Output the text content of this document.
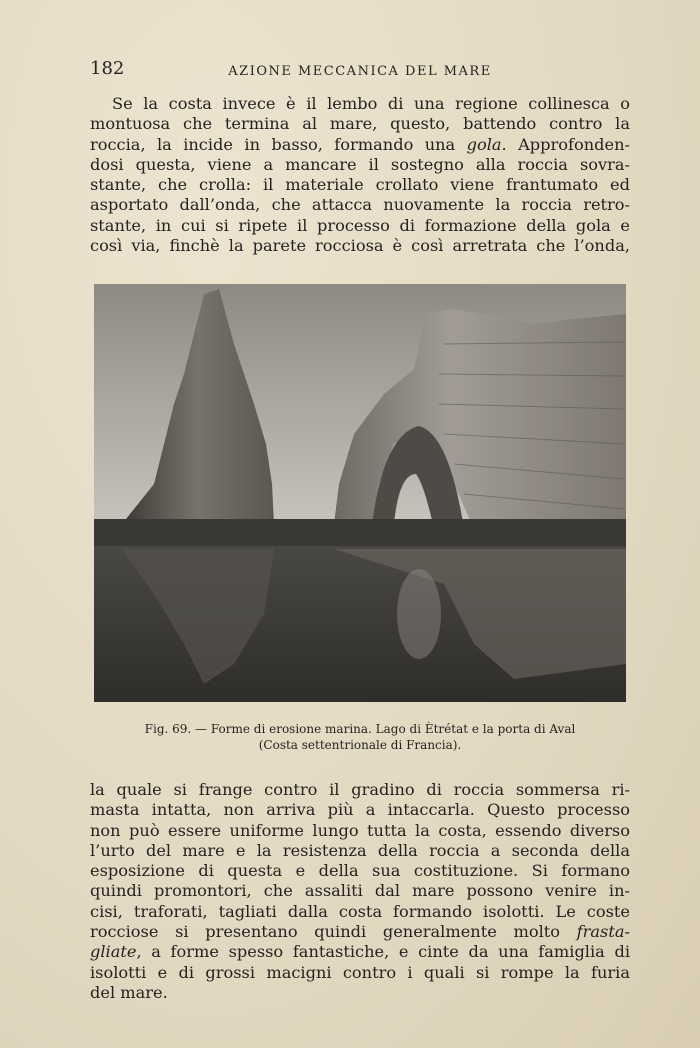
182	AZIONE MECCANICA DEL MARE
Se la costa invece è il lembo di una regione collinesca o
montuosa che termina al mare, questo, battendo contro la
roccia, la incide in basso, formando una gola. Approfonden-
dosi questa, viene a mancare il sostegno alla roccia sovra-
stante, che crolla: il materiale crollato viene frantumato ed
asportato dall’onda, che attacca nuovamente la roccia retro-
stante, in cui si ripete il processo di formazione della gola e
così via, finchè la parete rocciosa è così arretrata che l’onda,
Fig. 69. — Forme di erosione marina. Lago di Ètrétat e la porta di Aval
(Costa settentrionale di Francia).
la quale si frange contro il gradino di roccia sommersa ri-
masta intatta, non arriva più a intaccarla. Questo processo
non può essere uniforme lungo tutta la costa, essendo diverso
l’urto del mare e la resistenza della roccia a seconda della
esposizione di questa e della sua costituzione. Si formano
quindi promontori, che assaliti dal mare possono venire in-
cisi, traforati, tagliati dalla costa formando isolotti. Le coste
rocciose si presentano quindi generalmente molto frasta-
gliate, a forme spesso fantastiche, e cinte da una famiglia di
isolotti e di grossi macigni contro i quali si rompe la furia
del mare.
